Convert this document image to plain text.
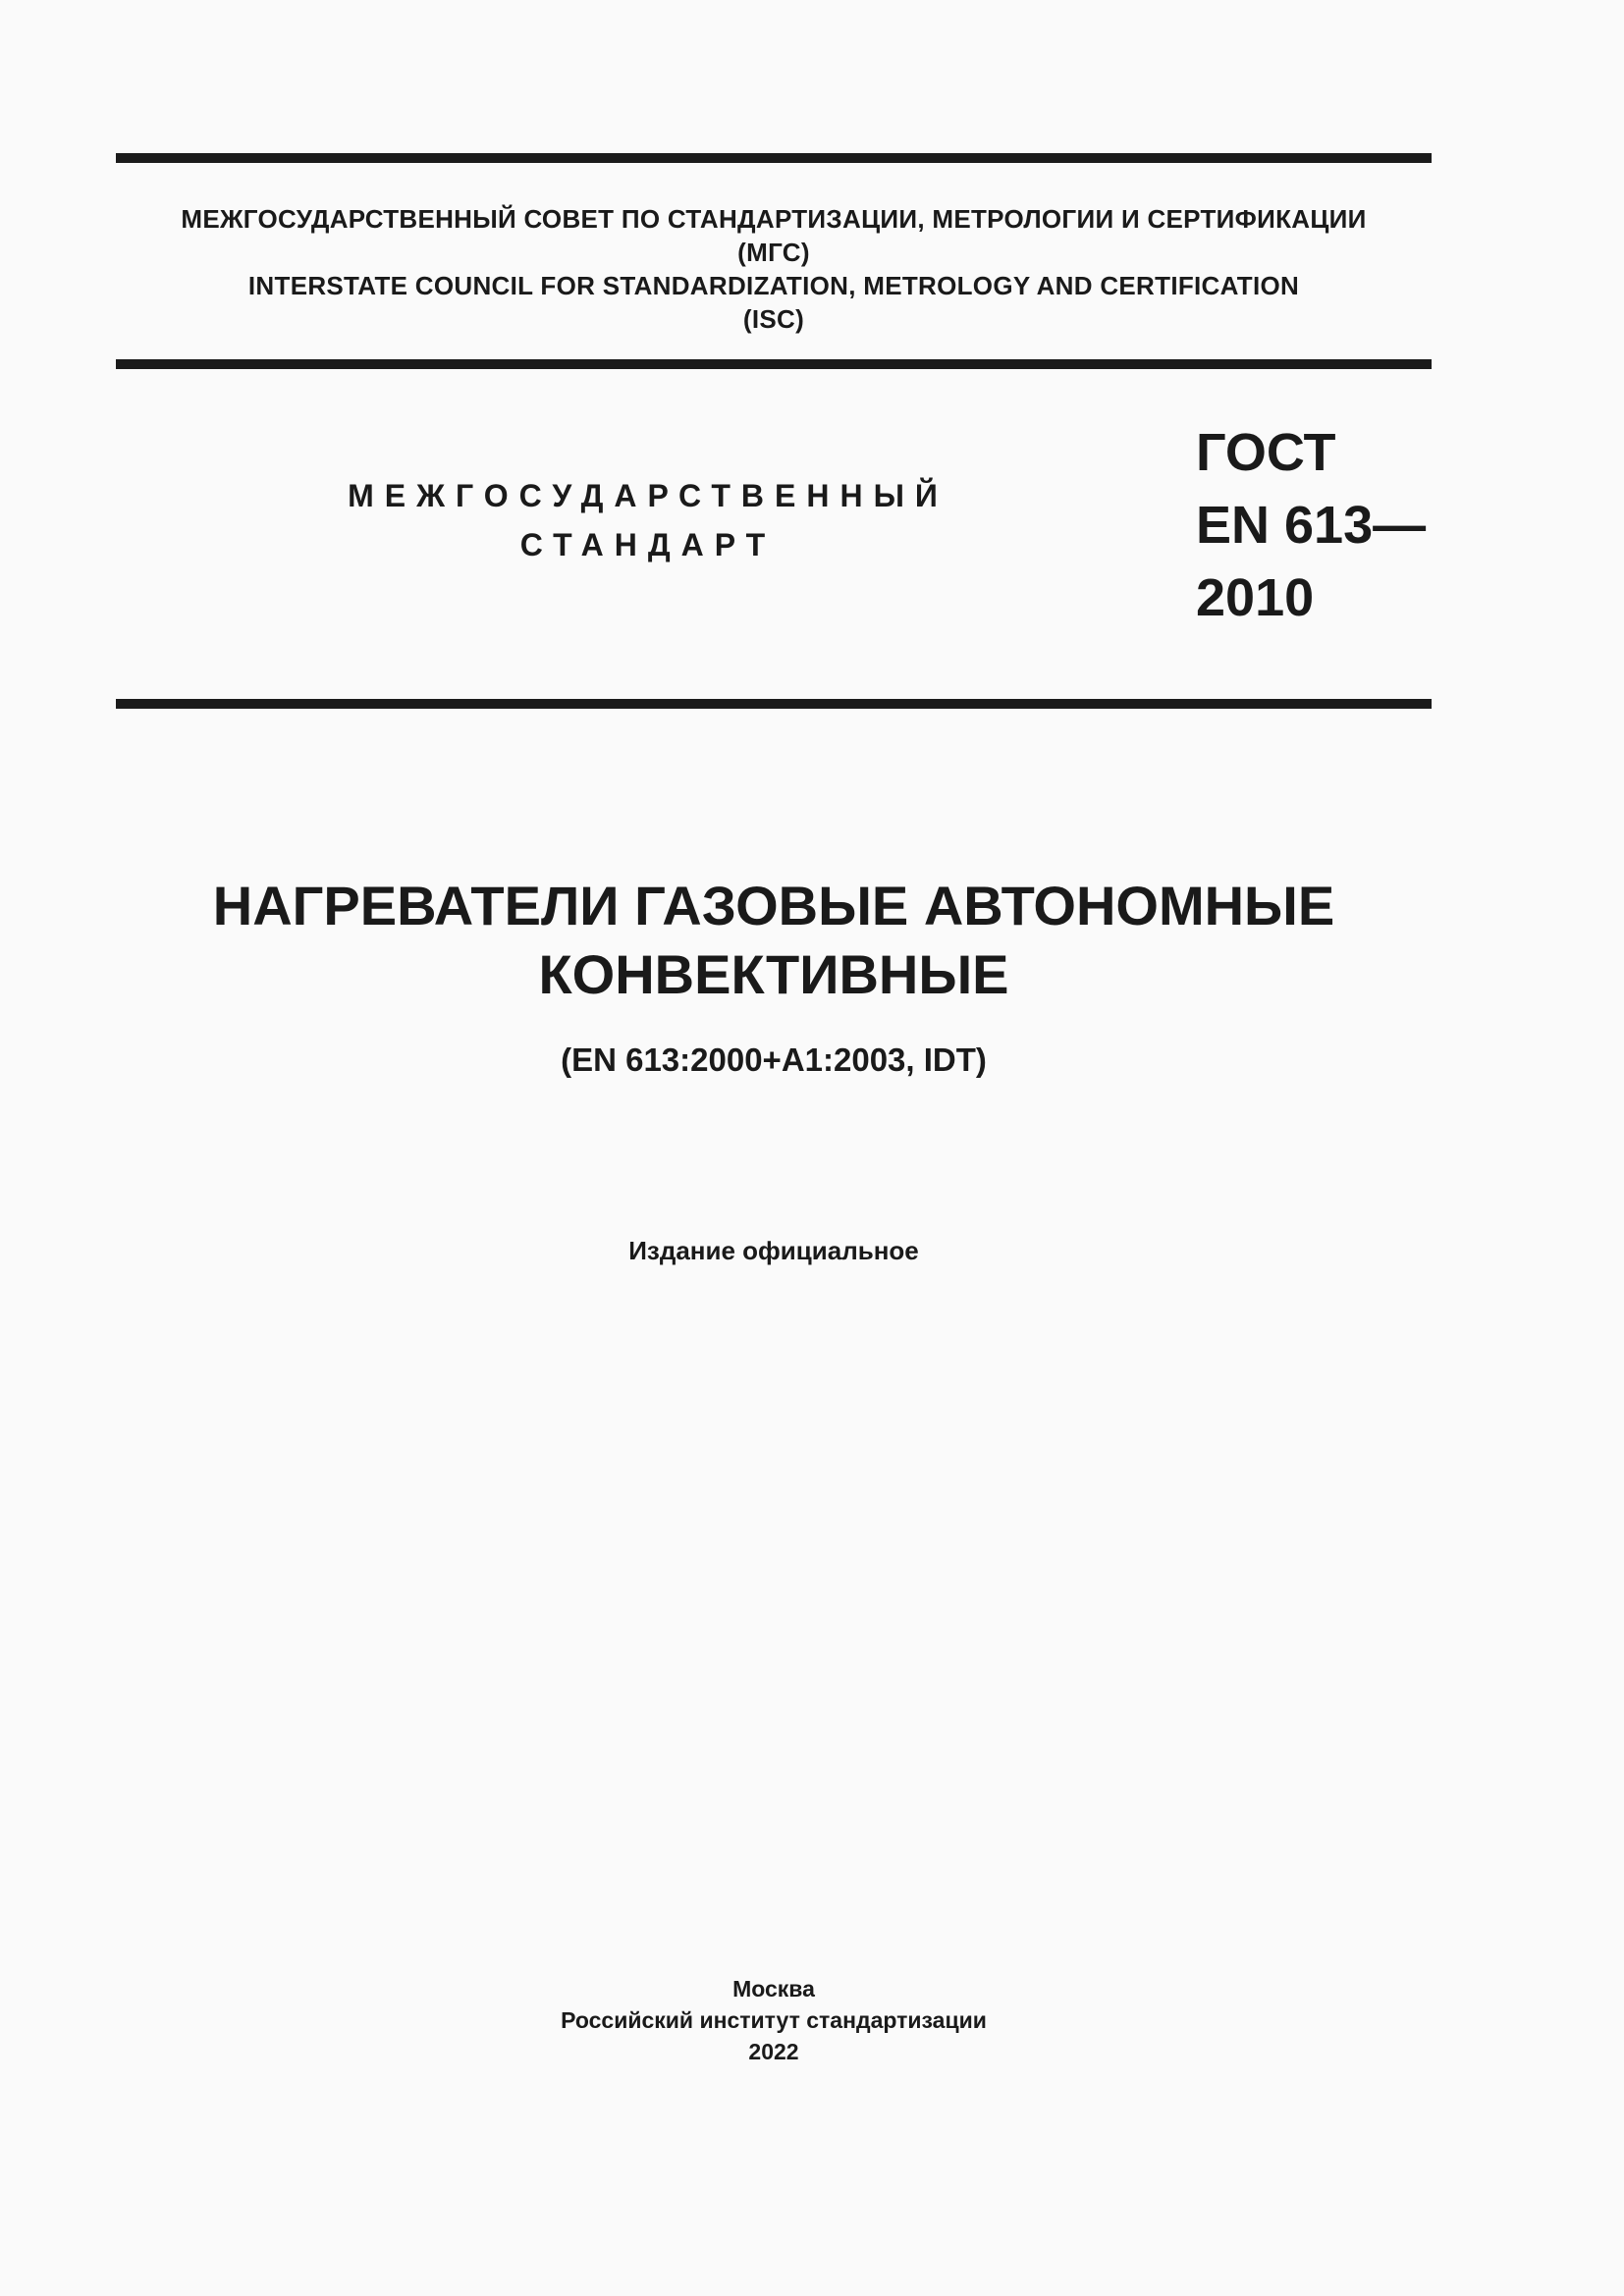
МЕЖГОСУДАРСТВЕННЫЙ СОВЕТ ПО СТАНДАРТИЗАЦИИ, МЕТРОЛОГИИ И СЕРТИФИКАЦИИ
(МГС)
INTERSTATE COUNCIL FOR STANDARDIZATION, METROLOGY AND CERTIFICATION
(ISC)
МЕЖГОСУДАРСТВЕННЫЙ
СТАНДАРТ
ГОСТ
EN 613—
2010
НАГРЕВАТЕЛИ ГАЗОВЫЕ АВТОНОМНЫЕ
КОНВЕКТИВНЫЕ
(EN 613:2000+A1:2003, IDT)
Издание официальное
Москва
Российский институт стандартизации
2022
